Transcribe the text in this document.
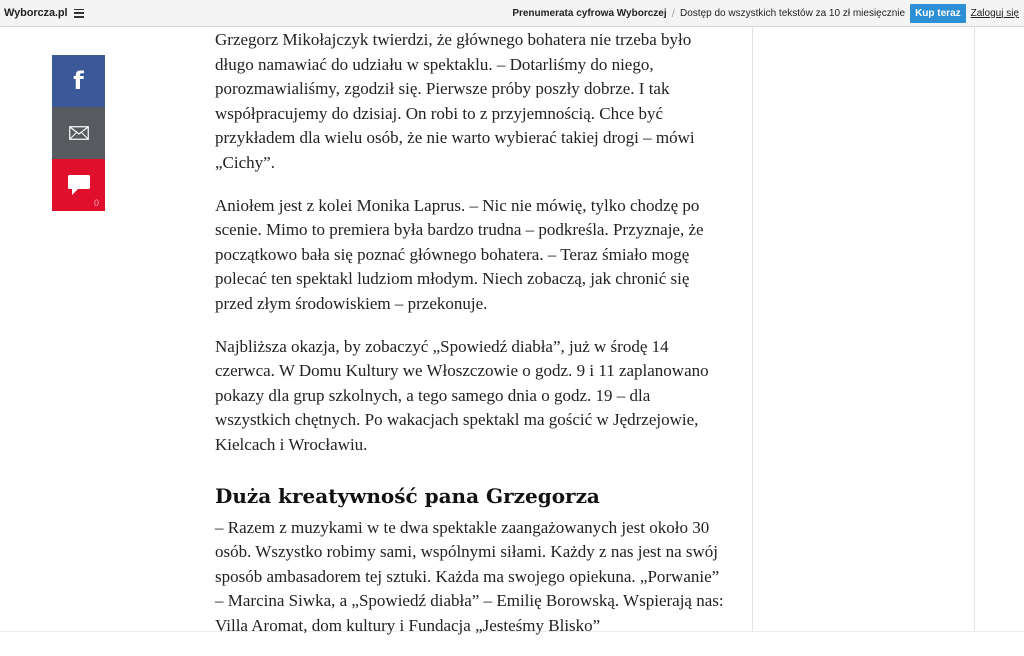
Wyborcza.pl	Prenumerata cyfrowa Wyborczej / Dostęp do wszystkich tekstów za 10 zł miesięcznie	Kup teraz	Zaloguj się
f
0

Grzegorz Mikołajczyk twierdzi, że głównego bohatera nie trzeba było długo namawiać do udziału w spektaklu. – Dotarliśmy do niego, porozmawialiśmy, zgodził się. Pierwsze próby poszły dobrze. I tak współpracujemy do dzisiaj. On robi to z przyjemnością. Chce być przykładem dla wielu osób, że nie warto wybierać takiej drogi – mówi „Cichy”.

Aniołem jest z kolei Monika Laprus. – Nic nie mówię, tylko chodzę po scenie. Mimo to premiera była bardzo trudna – podkreśla. Przyznaje, że początkowo bała się poznać głównego bohatera. – Teraz śmiało mogę polecać ten spektakl ludziom młodym. Niech zobaczą, jak chronić się przed złym środowiskiem – przekonuje.

Najbliższa okazja, by zobaczyć „Spowiedź diabła”, już w środę 14 czerwca. W Domu Kultury we Włoszczowie o godz. 9 i 11 zaplanowano pokazy dla grup szkolnych, a tego samego dnia o godz. 19 – dla wszystkich chętnych. Po wakacjach spektakl ma gościć w Jędrzejowie, Kielcach i Wrocławiu.

Duża kreatywność pana Grzegorza

– Razem z muzykami w te dwa spektakle zaangażowanych jest około 30 osób. Wszystko robimy sami, wspólnymi siłami. Każdy z nas jest na swój sposób ambasadorem tej sztuki. Każda ma swojego opiekuna. „Porwanie” – Marcina Siwka, a „Spowiedź diabła” – Emilię Borowską. Wspierają nas: Villa Aromat, dom kultury i Fundacja „Jesteśmy Blisko”
